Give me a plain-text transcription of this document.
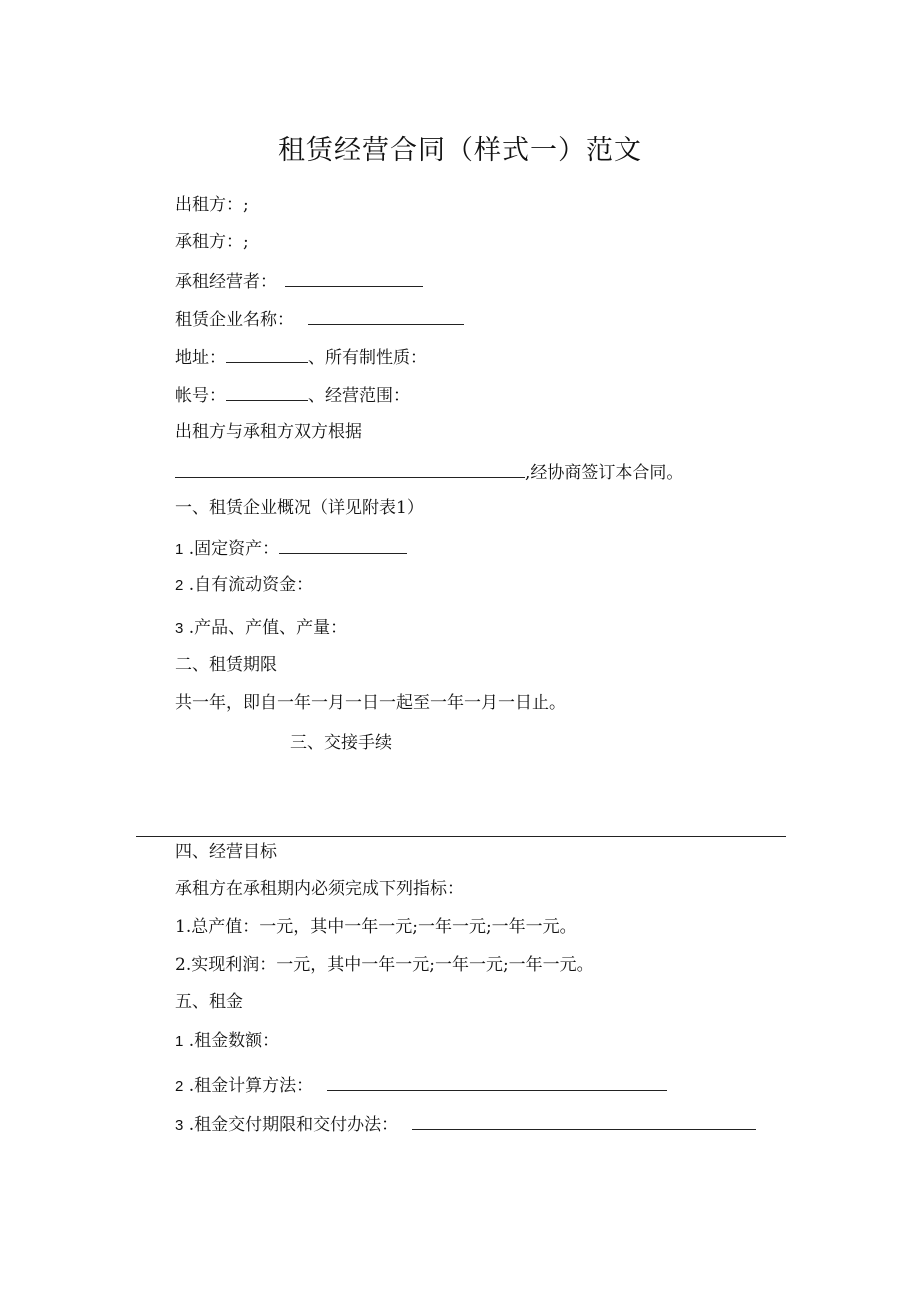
租赁经营合同（样式一）范文
出租方：;
承租方：;
承租经营者：
租赁企业名称：
地址：	、所有制性质：
帐号：	、经营范围：
出租方与承租方双方根据
,经协商签订本合同。
一、租赁企业概况（详见附表1）
1 .固定资产：
2 .自有流动资金：
3 .产品、产值、产量：
二、租赁期限
共一年，即自一年一月一日一起至一年一月一日止。
三、交接手续
四、经营目标
承租方在承租期内必须完成下列指标：
1.总产值：一元，其中一年一元;一年一元;一年一元。
2.实现利润：一元，其中一年一元;一年一元;一年一元。
五、租金
1 .租金数额：
2 .租金计算方法：
3 .租金交付期限和交付办法：
